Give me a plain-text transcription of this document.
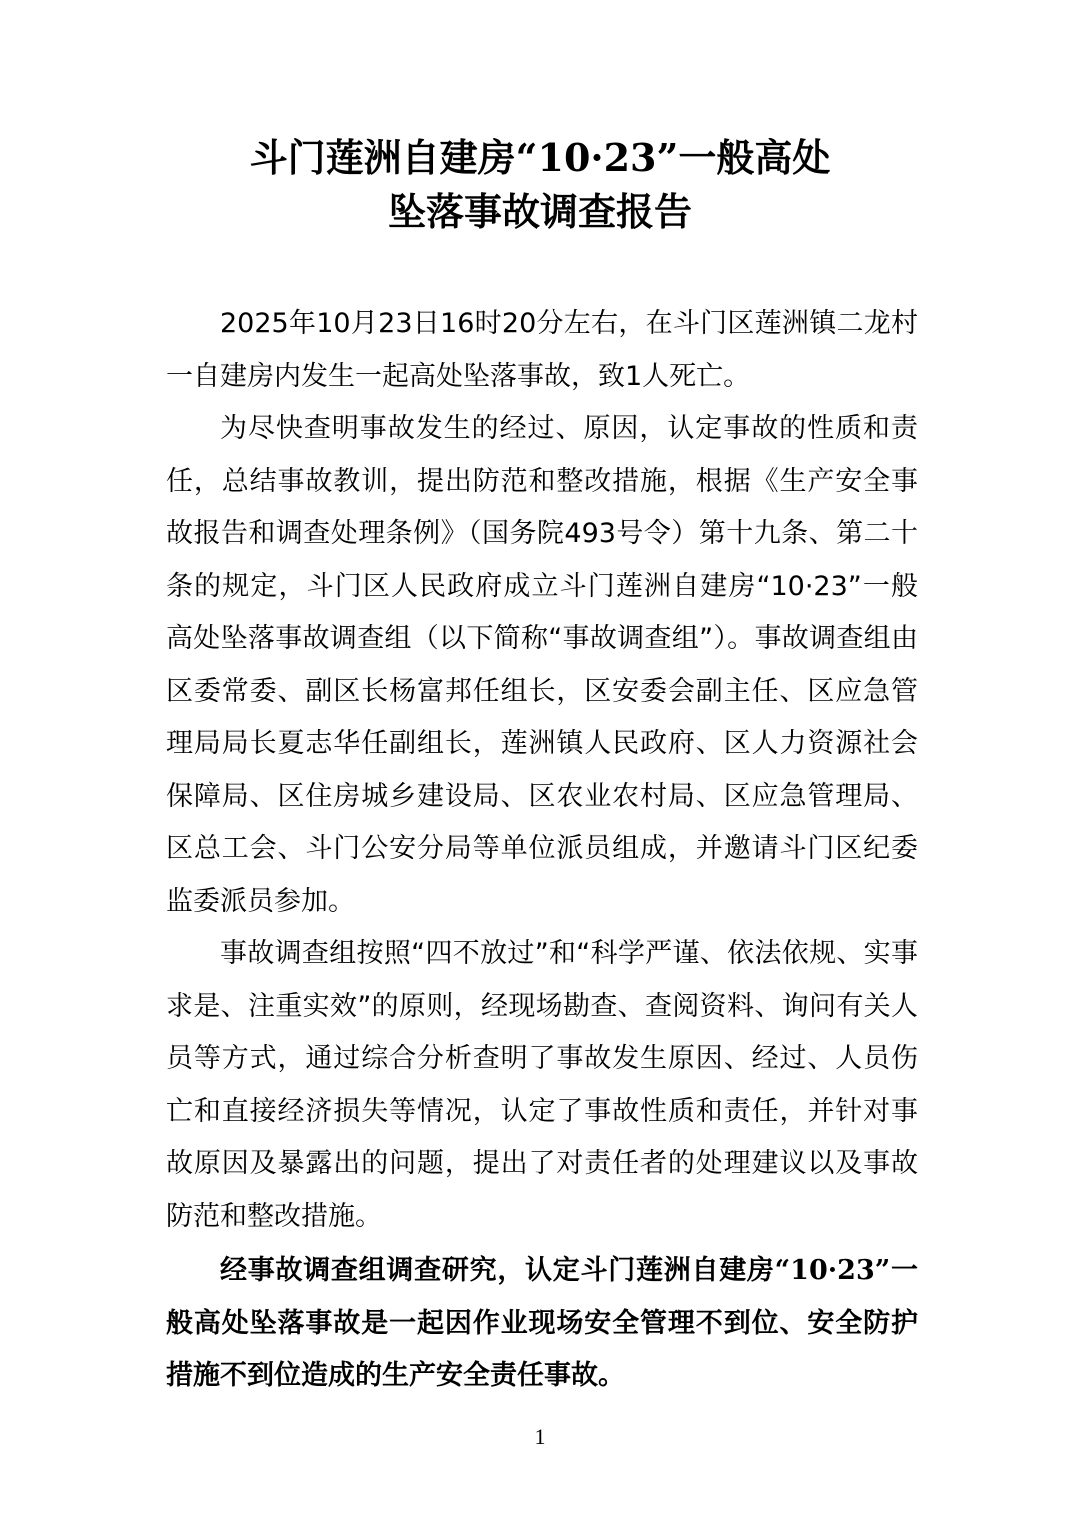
斗门莲洲自建房“10·23”一般高处
坠落事故调查报告

2025年10月23日16时20分左右，在斗门区莲洲镇二龙村一自建房内发生一起高处坠落事故，致1人死亡。

为尽快查明事故发生的经过、原因，认定事故的性质和责任，总结事故教训，提出防范和整改措施，根据《生产安全事故报告和调查处理条例》（国务院493号令）第十九条、第二十条的规定，斗门区人民政府成立斗门莲洲自建房“10·23”一般高处坠落事故调查组（以下简称“事故调查组”）。事故调查组由区委常委、副区长杨富邦任组长，区安委会副主任、区应急管理局局长夏志华任副组长，莲洲镇人民政府、区人力资源社会保障局、区住房城乡建设局、区农业农村局、区应急管理局、区总工会、斗门公安分局等单位派员组成，并邀请斗门区纪委监委派员参加。

事故调查组按照“四不放过”和“科学严谨、依法依规、实事求是、注重实效”的原则，经现场勘查、查阅资料、询问有关人员等方式，通过综合分析查明了事故发生原因、经过、人员伤亡和直接经济损失等情况，认定了事故性质和责任，并针对事故原因及暴露出的问题，提出了对责任者的处理建议以及事故防范和整改措施。

经事故调查组调查研究，认定斗门莲洲自建房“10·23”一般高处坠落事故是一起因作业现场安全管理不到位、安全防护措施不到位造成的生产安全责任事故。

1
